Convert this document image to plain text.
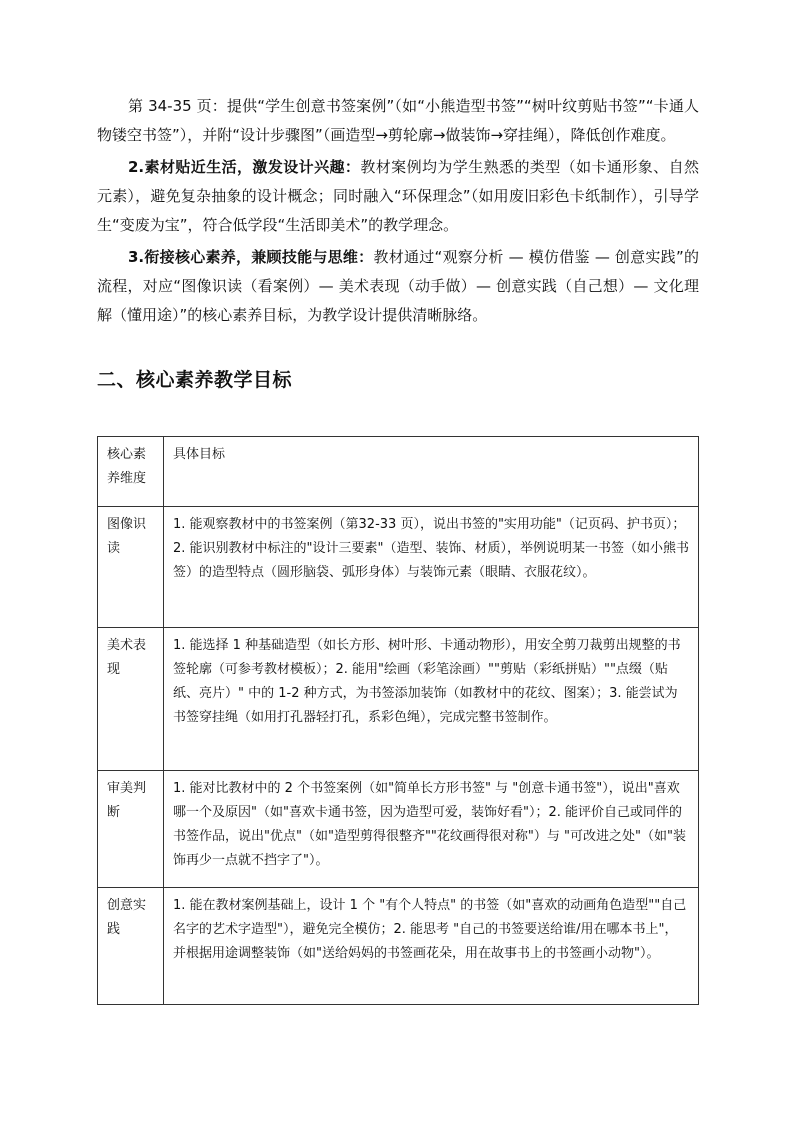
第 34-35 页：提供“学生创意书签案例”（如“小熊造型书签”“树叶纹剪贴书签”“卡通人物镂空书签”），并附“设计步骤图”（画造型→剪轮廓→做装饰→穿挂绳），降低创作难度。

2.素材贴近生活，激发设计兴趣：教材案例均为学生熟悉的类型（如卡通形象、自然元素），避免复杂抽象的设计概念；同时融入“环保理念”（如用废旧彩色卡纸制作），引导学生“变废为宝”，符合低学段“生活即美术”的教学理念。

3.衔接核心素养，兼顾技能与思维：教材通过“观察分析 — 模仿借鉴 — 创意实践”的流程，对应“图像识读（看案例）— 美术表现（动手做）— 创意实践（自己想）— 文化理解（懂用途）”的核心素养目标，为教学设计提供清晰脉络。

二、核心素养教学目标
核心素养维度	具体目标
图像识读	1. 能观察教材中的书签案例（第32-33 页），说出书签的"实用功能"（记页码、护书页）；2. 能识别教材中标注的"设计三要素"（造型、装饰、材质），举例说明某一书签（如小熊书签）的造型特点（圆形脑袋、弧形身体）与装饰元素（眼睛、衣服花纹）。
美术表现	1. 能选择 1 种基础造型（如长方形、树叶形、卡通动物形），用安全剪刀裁剪出规整的书签轮廓（可参考教材模板）；2. 能用"绘画（彩笔涂画）""剪贴（彩纸拼贴）""点缀（贴纸、亮片）" 中的 1-2 种方式，为书签添加装饰（如教材中的花纹、图案）；3. 能尝试为书签穿挂绳（如用打孔器轻打孔，系彩色绳），完成完整书签制作。
审美判断	1. 能对比教材中的 2 个书签案例（如"简单长方形书签" 与 "创意卡通书签"），说出"喜欢哪一个及原因"（如"喜欢卡通书签，因为造型可爱，装饰好看"）；2. 能评价自己或同伴的书签作品，说出"优点"（如"造型剪得很整齐""花纹画得很对称"）与 "可改进之处"（如"装饰再少一点就不挡字了"）。
创意实践	1. 能在教材案例基础上，设计 1 个 "有个人特点" 的书签（如"喜欢的动画角色造型""自己名字的艺术字造型"），避免完全模仿；2. 能思考 "自己的书签要送给谁/用在哪本书上"，并根据用途调整装饰（如"送给妈妈的书签画花朵，用在故事书上的书签画小动物"）。
